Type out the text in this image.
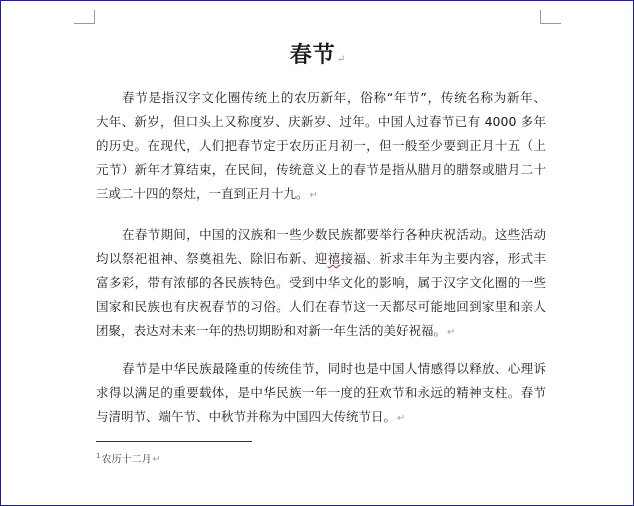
春节↵

春节是指汉字文化圈传统上的农历新年，俗称“年节”，传统名称为新年、
大年、新岁，但口头上又称度岁、庆新岁、过年。中国人过春节已有 4000 多年
的历史。在现代，人们把春节定于农历正月初一，但一般至少要到正月十五（上
元节）新年才算结束，在民间，传统意义上的春节是指从腊月的腊祭或腊月二十
三或二十四的祭灶，一直到正月十九。↵

在春节期间，中国的汉族和一些少数民族都要举行各种庆祝活动。这些活动
均以祭祀祖神、祭奠祖先、除旧布新、迎禧接福、祈求丰年为主要内容，形式丰
富多彩，带有浓郁的各民族特色。受到中华文化的影响，属于汉字文化圈的一些
国家和民族也有庆祝春节的习俗。人们在春节这一天都尽可能地回到家里和亲人
团聚，表达对未来一年的热切期盼和对新一年生活的美好祝福。↵

春节是中华民族最隆重的传统佳节，同时也是中国人情感得以释放、心理诉
求得以满足的重要载体，是中华民族一年一度的狂欢节和永远的精神支柱。春节
与清明节、端午节、中秋节并称为中国四大传统节日。↵

$^1$农历十二月↵
